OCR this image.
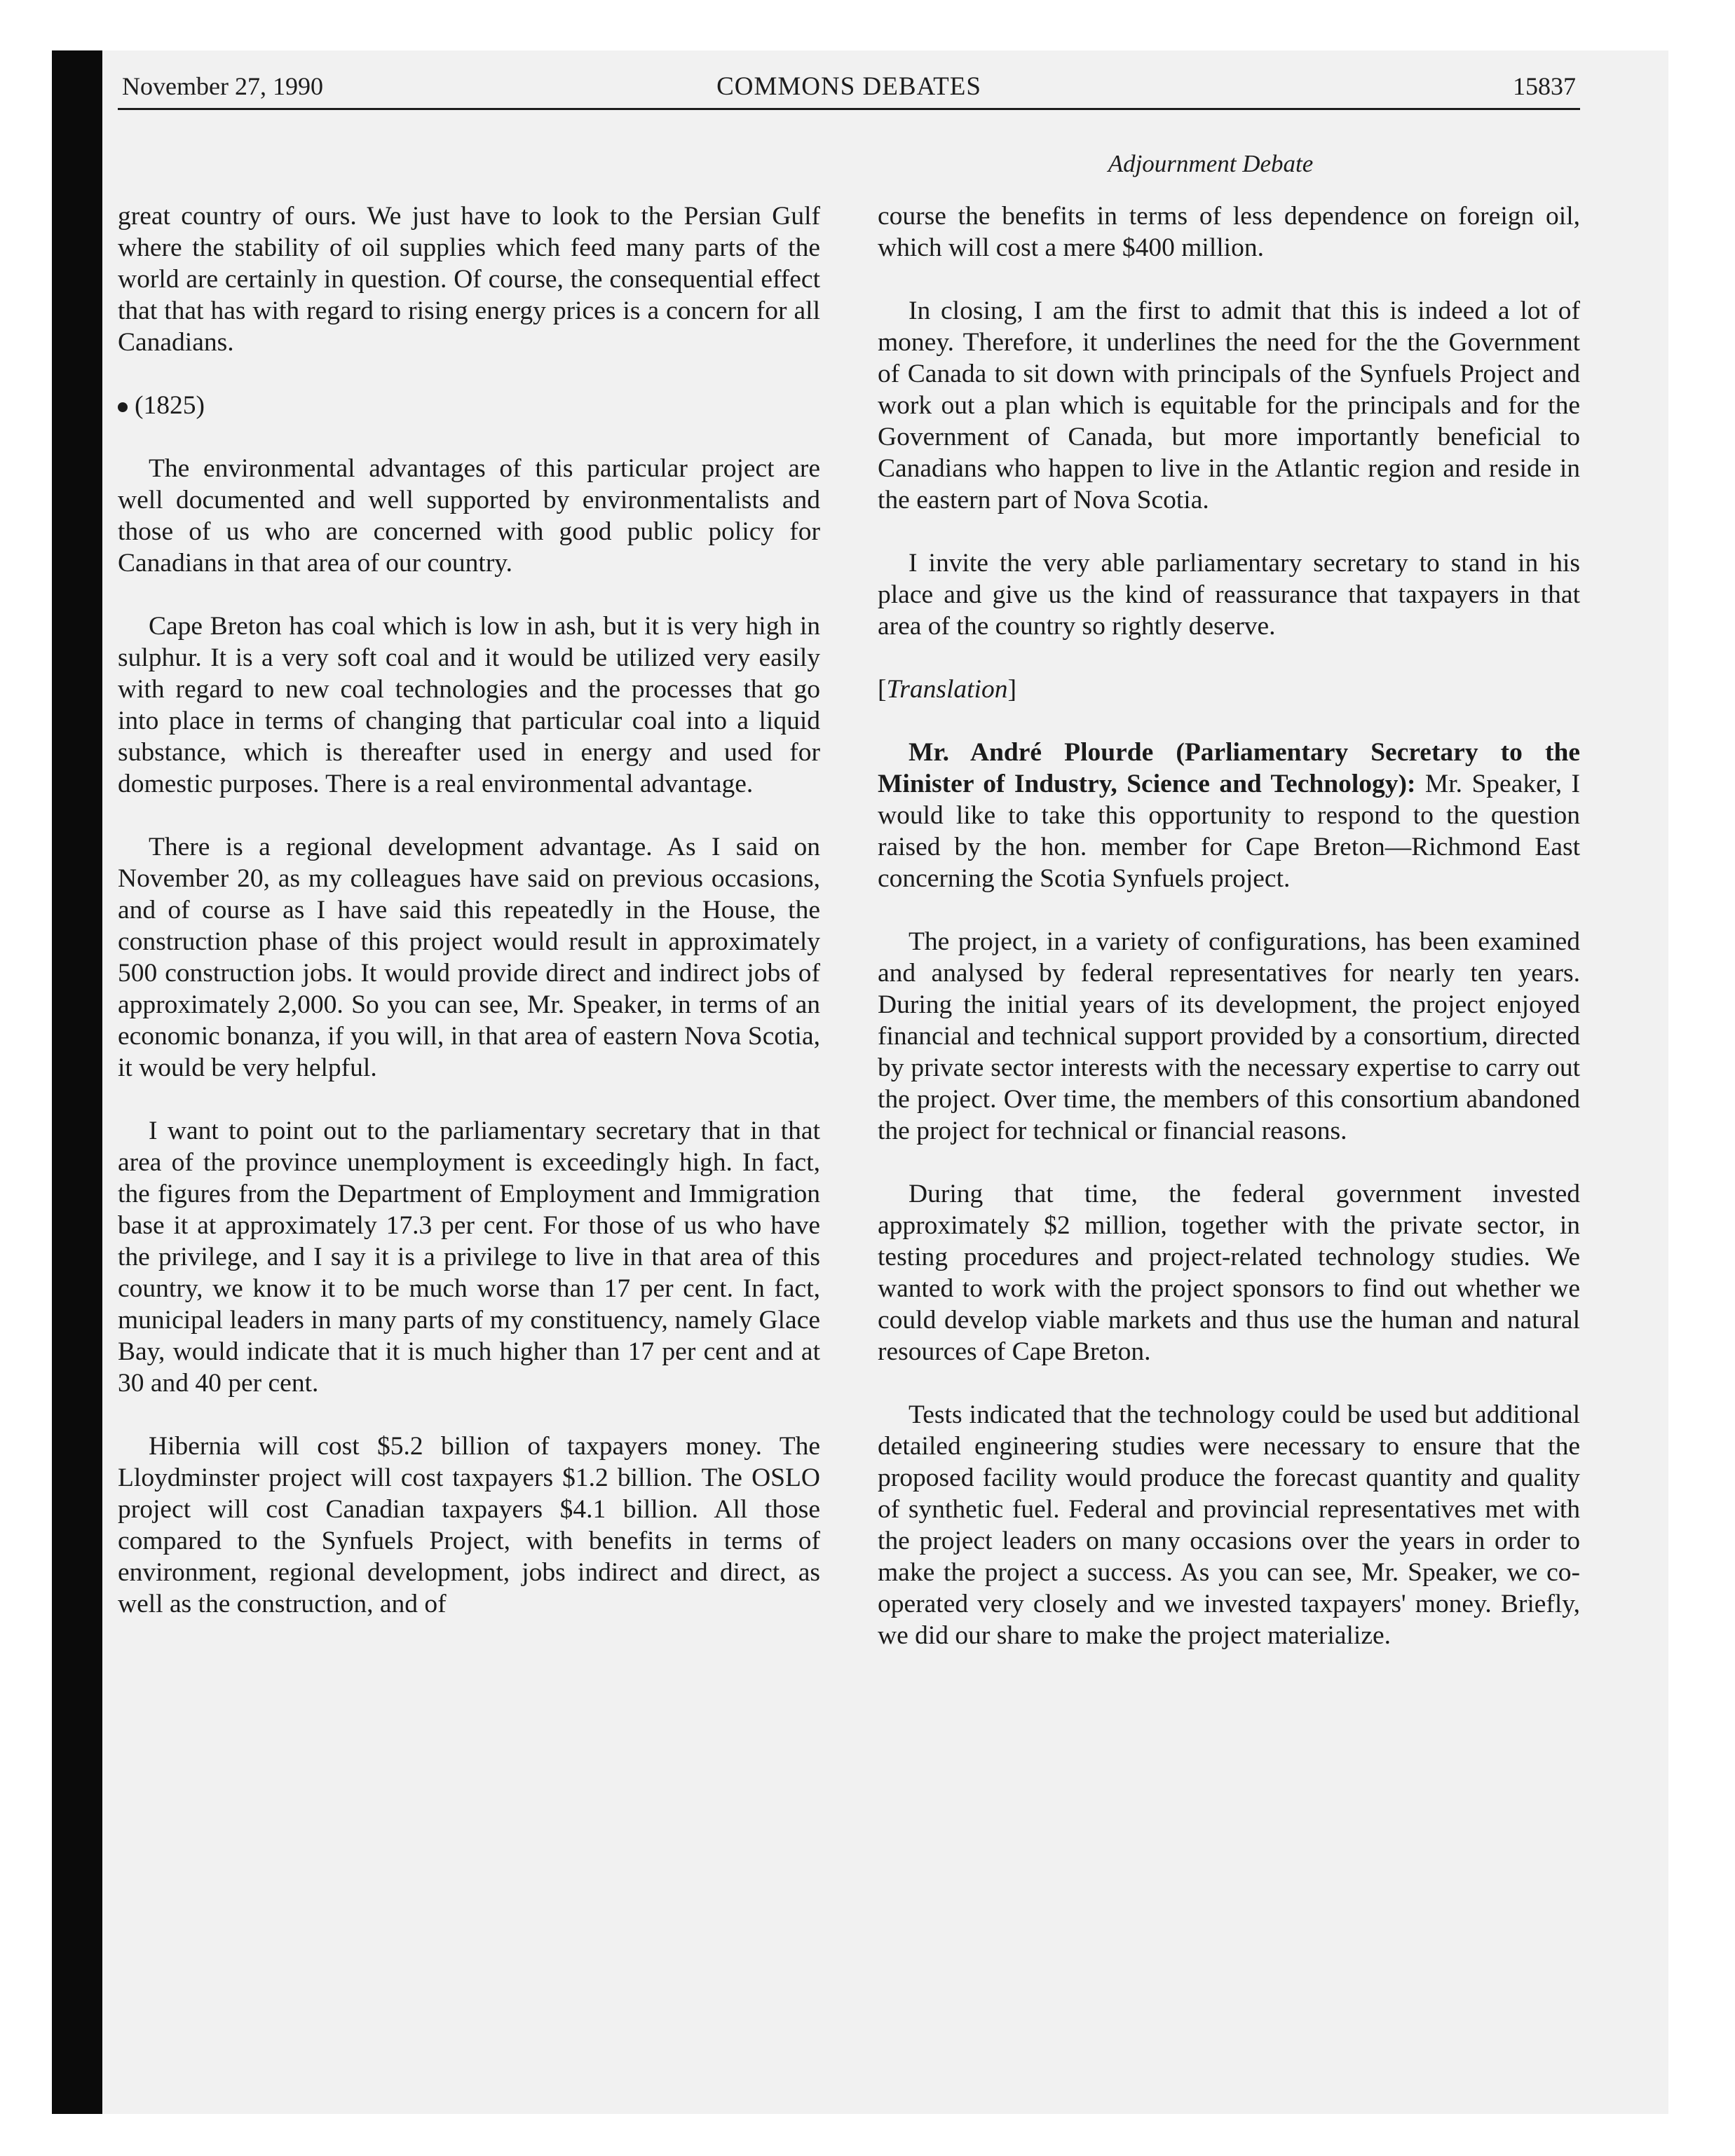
November 27, 1990	COMMONS DEBATES	15837
Adjournment Debate

great country of ours. We just have to look to the Persian Gulf where the stability of oil supplies which feed many parts of the world are certainly in question. Of course, the consequential effect that that has with regard to rising energy prices is a concern for all Canadians.

(1825)

The environmental advantages of this particular project are well documented and well supported by environmentalists and those of us who are concerned with good public policy for Canadians in that area of our country.

Cape Breton has coal which is low in ash, but it is very high in sulphur. It is a very soft coal and it would be utilized very easily with regard to new coal technologies and the processes that go into place in terms of changing that particular coal into a liquid substance, which is thereafter used in energy and used for domestic purposes. There is a real environmental advantage.

There is a regional development advantage. As I said on November 20, as my colleagues have said on previous occasions, and of course as I have said this repeatedly in the House, the construction phase of this project would result in approximately 500 construction jobs. It would provide direct and indirect jobs of approximately 2,000. So you can see, Mr. Speaker, in terms of an economic bonanza, if you will, in that area of eastern Nova Scotia, it would be very helpful.

I want to point out to the parliamentary secretary that in that area of the province unemployment is exceedingly high. In fact, the figures from the Department of Employment and Immigration base it at approximately 17.3 per cent. For those of us who have the privilege, and I say it is a privilege to live in that area of this country, we know it to be much worse than 17 per cent. In fact, municipal leaders in many parts of my constituency, namely Glace Bay, would indicate that it is much higher than 17 per cent and at 30 and 40 per cent.

Hibernia will cost $5.2 billion of taxpayers money. The Lloydminster project will cost taxpayers $1.2 billion. The OSLO project will cost Canadian taxpayers $4.1 billion. All those compared to the Synfuels Project, with benefits in terms of environment, regional development, jobs indirect and direct, as well as the construction, and of

course the benefits in terms of less dependence on foreign oil, which will cost a mere $400 million.

In closing, I am the first to admit that this is indeed a lot of money. Therefore, it underlines the need for the the Government of Canada to sit down with principals of the Synfuels Project and work out a plan which is equitable for the principals and for the Government of Canada, but more importantly beneficial to Canadians who happen to live in the Atlantic region and reside in the eastern part of Nova Scotia.

I invite the very able parliamentary secretary to stand in his place and give us the kind of reassurance that taxpayers in that area of the country so rightly deserve.

[Translation]

Mr. André Plourde (Parliamentary Secretary to the Minister of Industry, Science and Technology): Mr. Speaker, I would like to take this opportunity to respond to the question raised by the hon. member for Cape Breton—Richmond East concerning the Scotia Synfuels project.

The project, in a variety of configurations, has been examined and analysed by federal representatives for nearly ten years. During the initial years of its development, the project enjoyed financial and technical support provided by a consortium, directed by private sector interests with the necessary expertise to carry out the project. Over time, the members of this consortium abandoned the project for technical or financial reasons.

During that time, the federal government invested approximately $2 million, together with the private sector, in testing procedures and project-related technology studies. We wanted to work with the project sponsors to find out whether we could develop viable markets and thus use the human and natural resources of Cape Breton.

Tests indicated that the technology could be used but additional detailed engineering studies were necessary to ensure that the proposed facility would produce the forecast quantity and quality of synthetic fuel. Federal and provincial representatives met with the project leaders on many occasions over the years in order to make the project a success. As you can see, Mr. Speaker, we co-operated very closely and we invested taxpayers' money. Briefly, we did our share to make the project materialize.
